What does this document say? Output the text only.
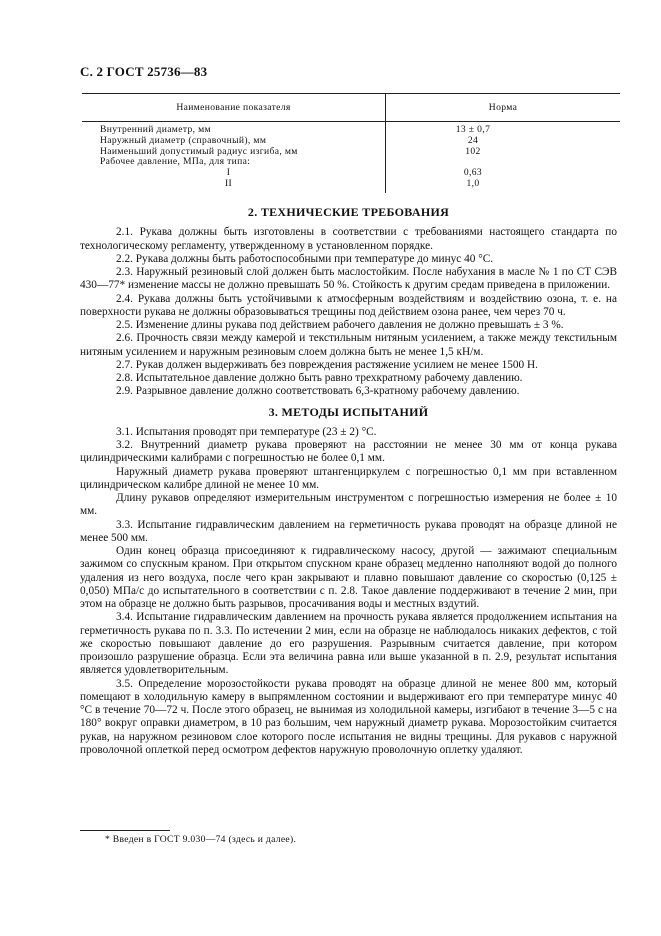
С. 2 ГОСТ 25736—83
Наименование показателя	Норма
Внутренний диаметр, мм
Наружный диаметр (справочный), мм
Наименьший допустимый радиус изгиба, мм
Рабочее давление, МПа, для типа:
I
II
13 ± 0,7
24
102
0,63
1,0
2. ТЕХНИЧЕСКИЕ ТРЕБОВАНИЯ

2.1. Рукава должны быть изготовлены в соответствии с требованиями настоящего стандарта по технологическому регламенту, утвержденному в установленном порядке.

2.2. Рукава должны быть работоспособными при температуре до минус 40 °С.

2.3. Наружный резиновый слой должен быть маслостойким. После набухания в масле № 1 по СТ СЭВ 430—77* изменение массы не должно превышать 50 %. Стойкость к другим средам приведена в приложении.

2.4. Рукава должны быть устойчивыми к атмосферным воздействиям и воздействию озона, т. е. на поверхности рукава не должны образовываться трещины под действием озона ранее, чем через 70 ч.

2.5. Изменение длины рукава под действием рабочего давления не должно превышать ± 3 %.

2.6. Прочность связи между камерой и текстильным нитяным усилением, а также между текстильным нитяным усилением и наружным резиновым слоем должна быть не менее 1,5 кН/м.

2.7. Рукав должен выдерживать без повреждения растяжение усилием не менее 1500 Н.

2.8. Испытательное давление должно быть равно трехкратному рабочему давлению.

2.9. Разрывное давление должно соответствовать 6,3-кратному рабочему давлению.

3. МЕТОДЫ ИСПЫТАНИЙ

3.1. Испытания проводят при температуре (23 ± 2) °С.

3.2. Внутренний диаметр рукава проверяют на расстоянии не менее 30 мм от конца рукава цилиндрическими калибрами с погрешностью не более 0,1 мм.

Наружный диаметр рукава проверяют штангенциркулем с погрешностью 0,1 мм при вставленном цилиндрическом калибре длиной не менее 10 мм.

Длину рукавов определяют измерительным инструментом с погрешностью измерения не более ± 10 мм.

3.3. Испытание гидравлическим давлением на герметичность рукава проводят на образце длиной не менее 500 мм.

Один конец образца присоединяют к гидравлическому насосу, другой — зажимают специальным зажимом со спускным краном. При открытом спускном кране образец медленно наполняют водой до полного удаления из него воздуха, после чего кран закрывают и плавно повышают давление со скоростью (0,125 ± 0,050) МПа/с до испытательного в соответствии с п. 2.8. Такое давление поддерживают в течение 2 мин, при этом на образце не должно быть разрывов, просачивания воды и местных вздутий.

3.4. Испытание гидравлическим давлением на прочность рукава является продолжением испытания на герметичность рукава по п. 3.3. По истечении 2 мин, если на образце не наблюдалось никаких дефектов, с той же скоростью повышают давление до его разрушения. Разрывным считается давление, при котором произошло разрушение образца. Если эта величина равна или выше указанной в п. 2.9, результат испытания является удовлетворительным.

3.5. Определение морозостойкости рукава проводят на образце длиной не менее 800 мм, который помещают в холодильную камеру в выпрямленном состоянии и выдерживают его при температуре минус 40 °С в течение 70—72 ч. После этого образец, не вынимая из холодильной камеры, изгибают в течение 3—5 с на 180° вокруг оправки диаметром, в 10 раз большим, чем наружный диаметр рукава. Морозостойким считается рукав, на наружном резиновом слое которого после испытания не видны трещины. Для рукавов с наружной проволочной оплеткой перед осмотром дефектов наружную проволочную оплетку удаляют.

* Введен в ГОСТ 9.030—74 (здесь и далее).
